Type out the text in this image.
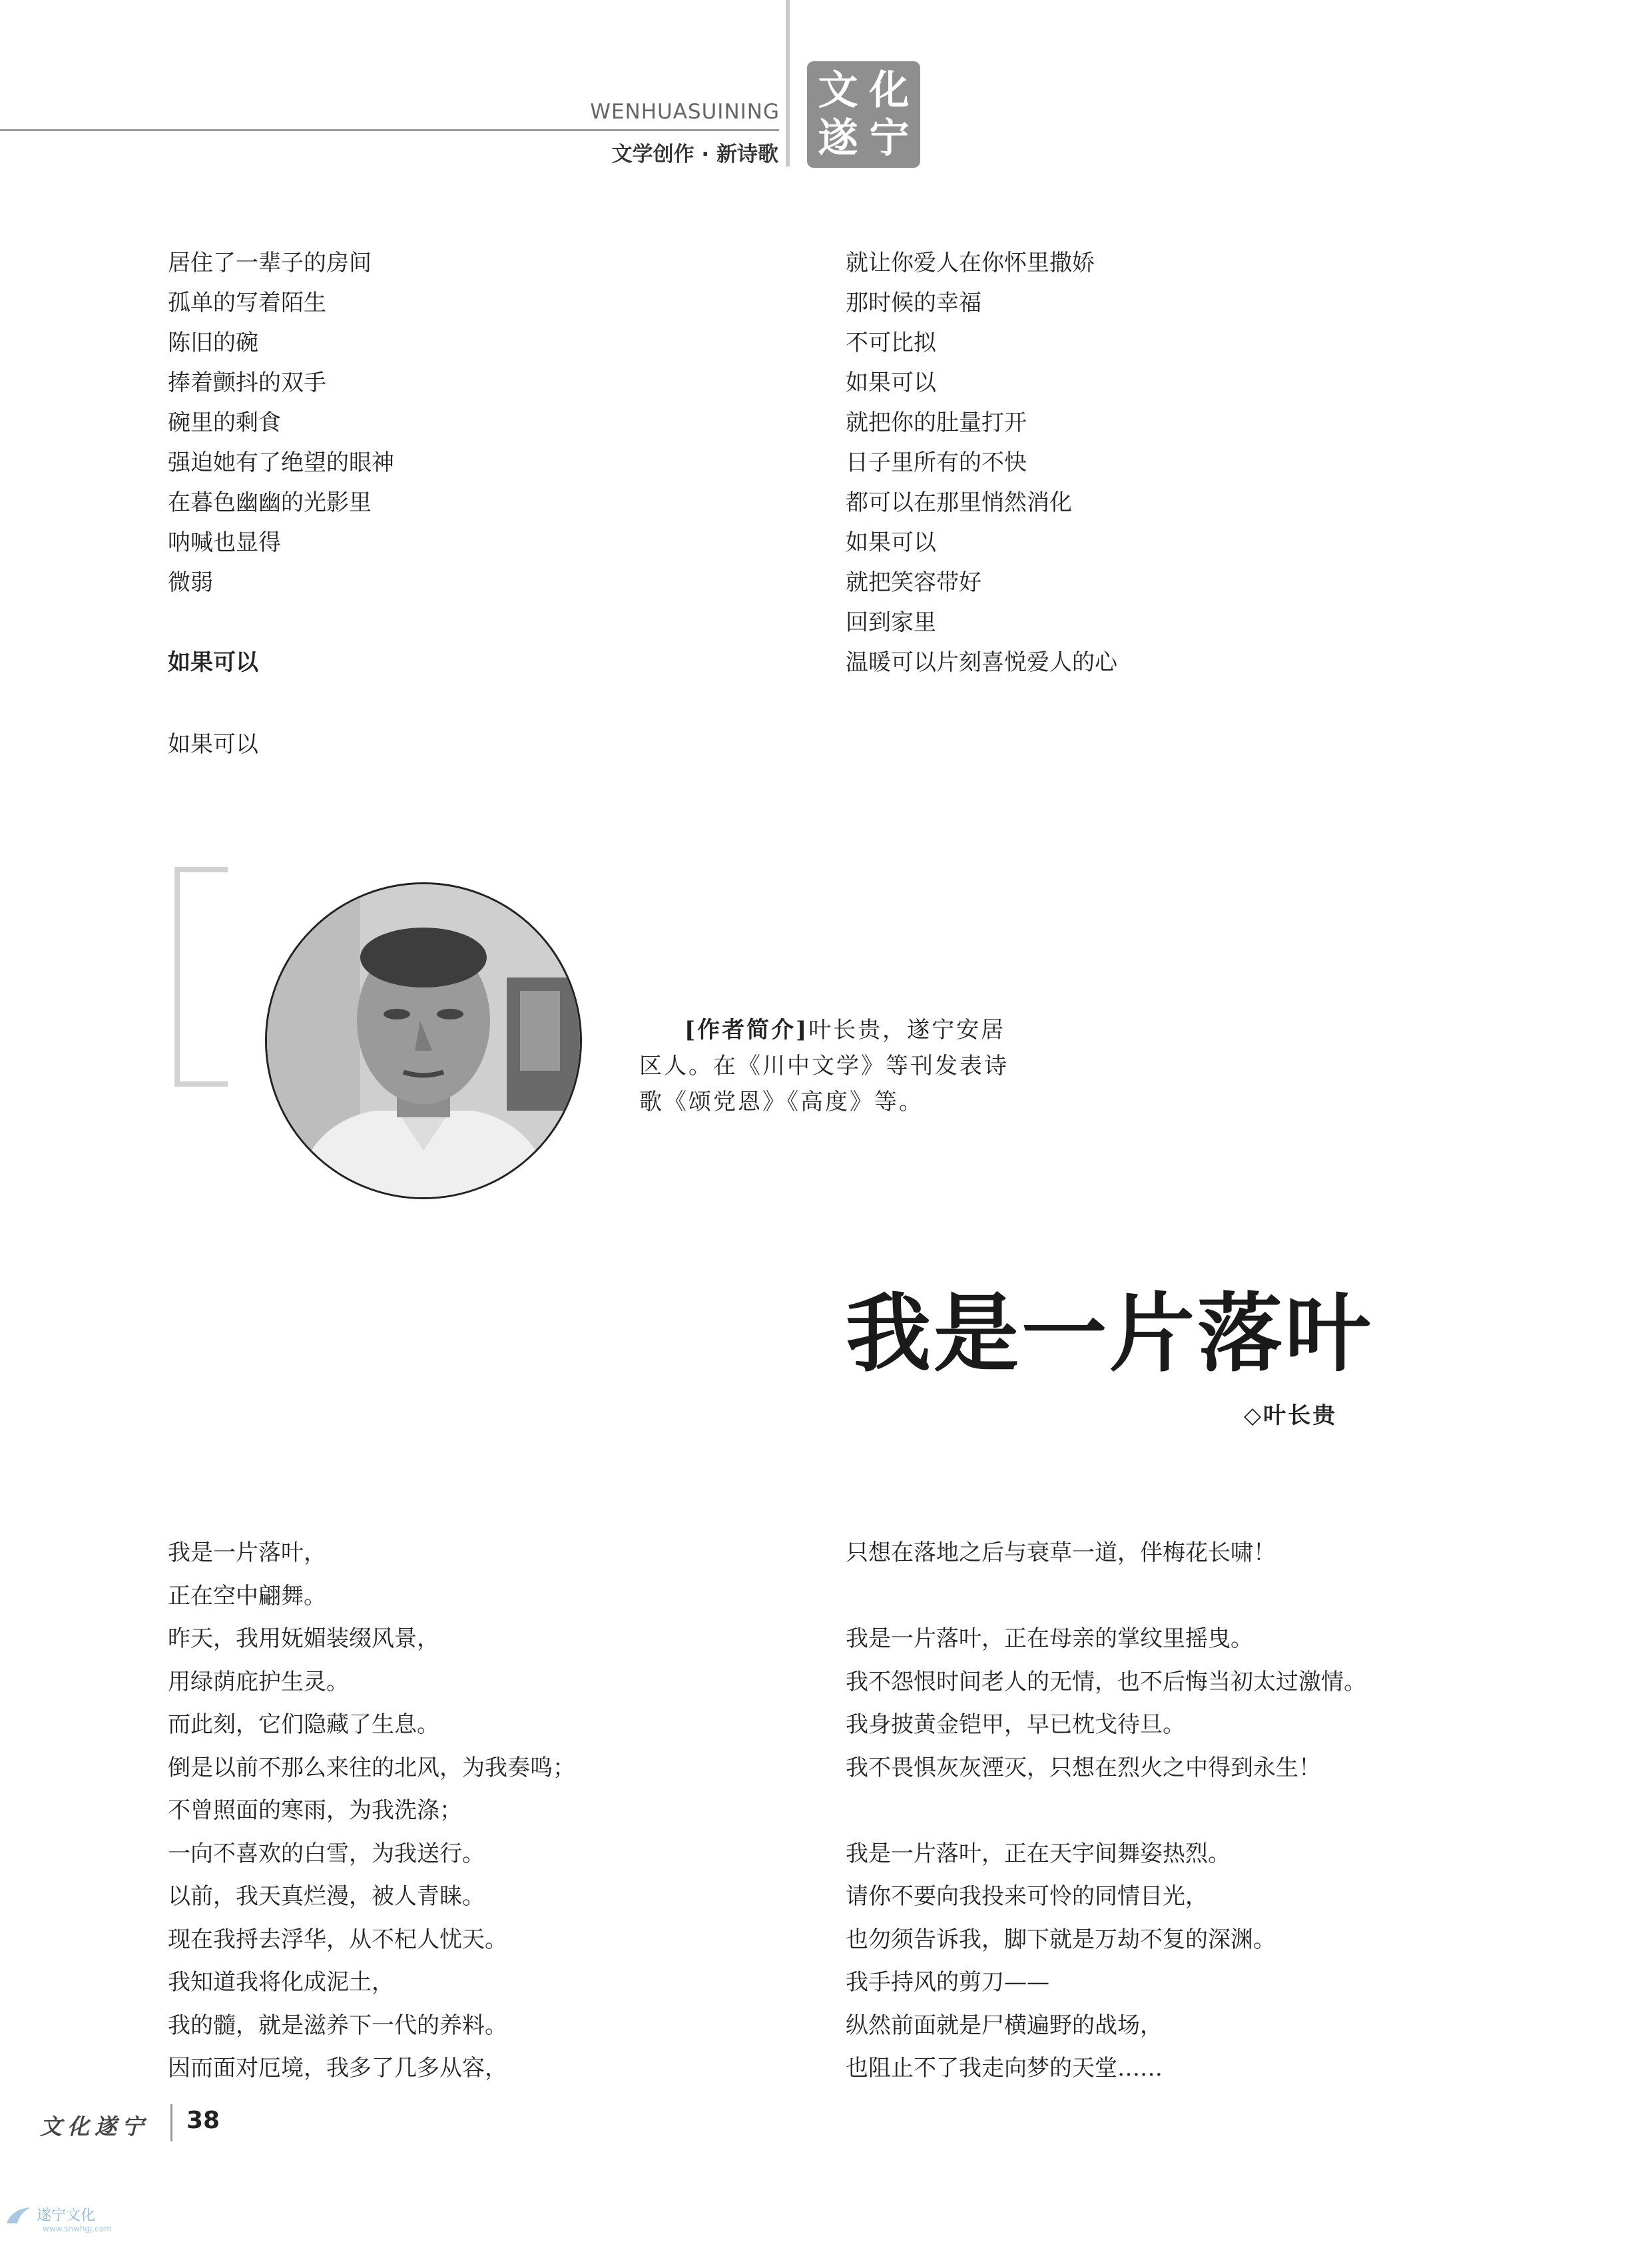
WENHUASUINING
文学创作 · 新诗歌
文 化
遂 宁
居住了一辈子的房间
孤单的写着陌生
陈旧的碗
捧着颤抖的双手
碗里的剩食
强迫她有了绝望的眼神
在暮色幽幽的光影里
呐喊也显得
微弱
如果可以
如果可以
就让你爱人在你怀里撒娇
那时候的幸福
不可比拟
如果可以
就把你的肚量打开
日子里所有的不快
都可以在那里悄然消化
如果可以
就把笑容带好
回到家里
温暖可以片刻喜悦爱人的心
[作者简介]叶长贵，遂宁安居
区人。在《川中文学》等刊发表诗
歌《颂党恩》《高度》等。
我是一片落叶
◇叶长贵
我是一片落叶，
正在空中翩舞。
昨天，我用妩媚装缀风景，
用绿荫庇护生灵。
而此刻，它们隐藏了生息。
倒是以前不那么来往的北风，为我奏鸣；
不曾照面的寒雨，为我洗涤；
一向不喜欢的白雪，为我送行。
以前，我天真烂漫，被人青睐。
现在我捋去浮华，从不杞人忧天。
我知道我将化成泥土，
我的髓，就是滋养下一代的养料。
因而面对厄境，我多了几多从容，
只想在落地之后与衰草一道，伴梅花长啸！
我是一片落叶，正在母亲的掌纹里摇曳。
我不怨恨时间老人的无情，也不后悔当初太过激情。
我身披黄金铠甲，早已枕戈待旦。
我不畏惧灰灰湮灭，只想在烈火之中得到永生！
我是一片落叶，正在天宇间舞姿热烈。
请你不要向我投来可怜的同情目光，
也勿须告诉我，脚下就是万劫不复的深渊。
我手持风的剪刀——
纵然前面就是尸横遍野的战场，
也阻止不了我走向梦的天堂……
文化遂宁 38
遂宁文化
www.snwhgj.com
